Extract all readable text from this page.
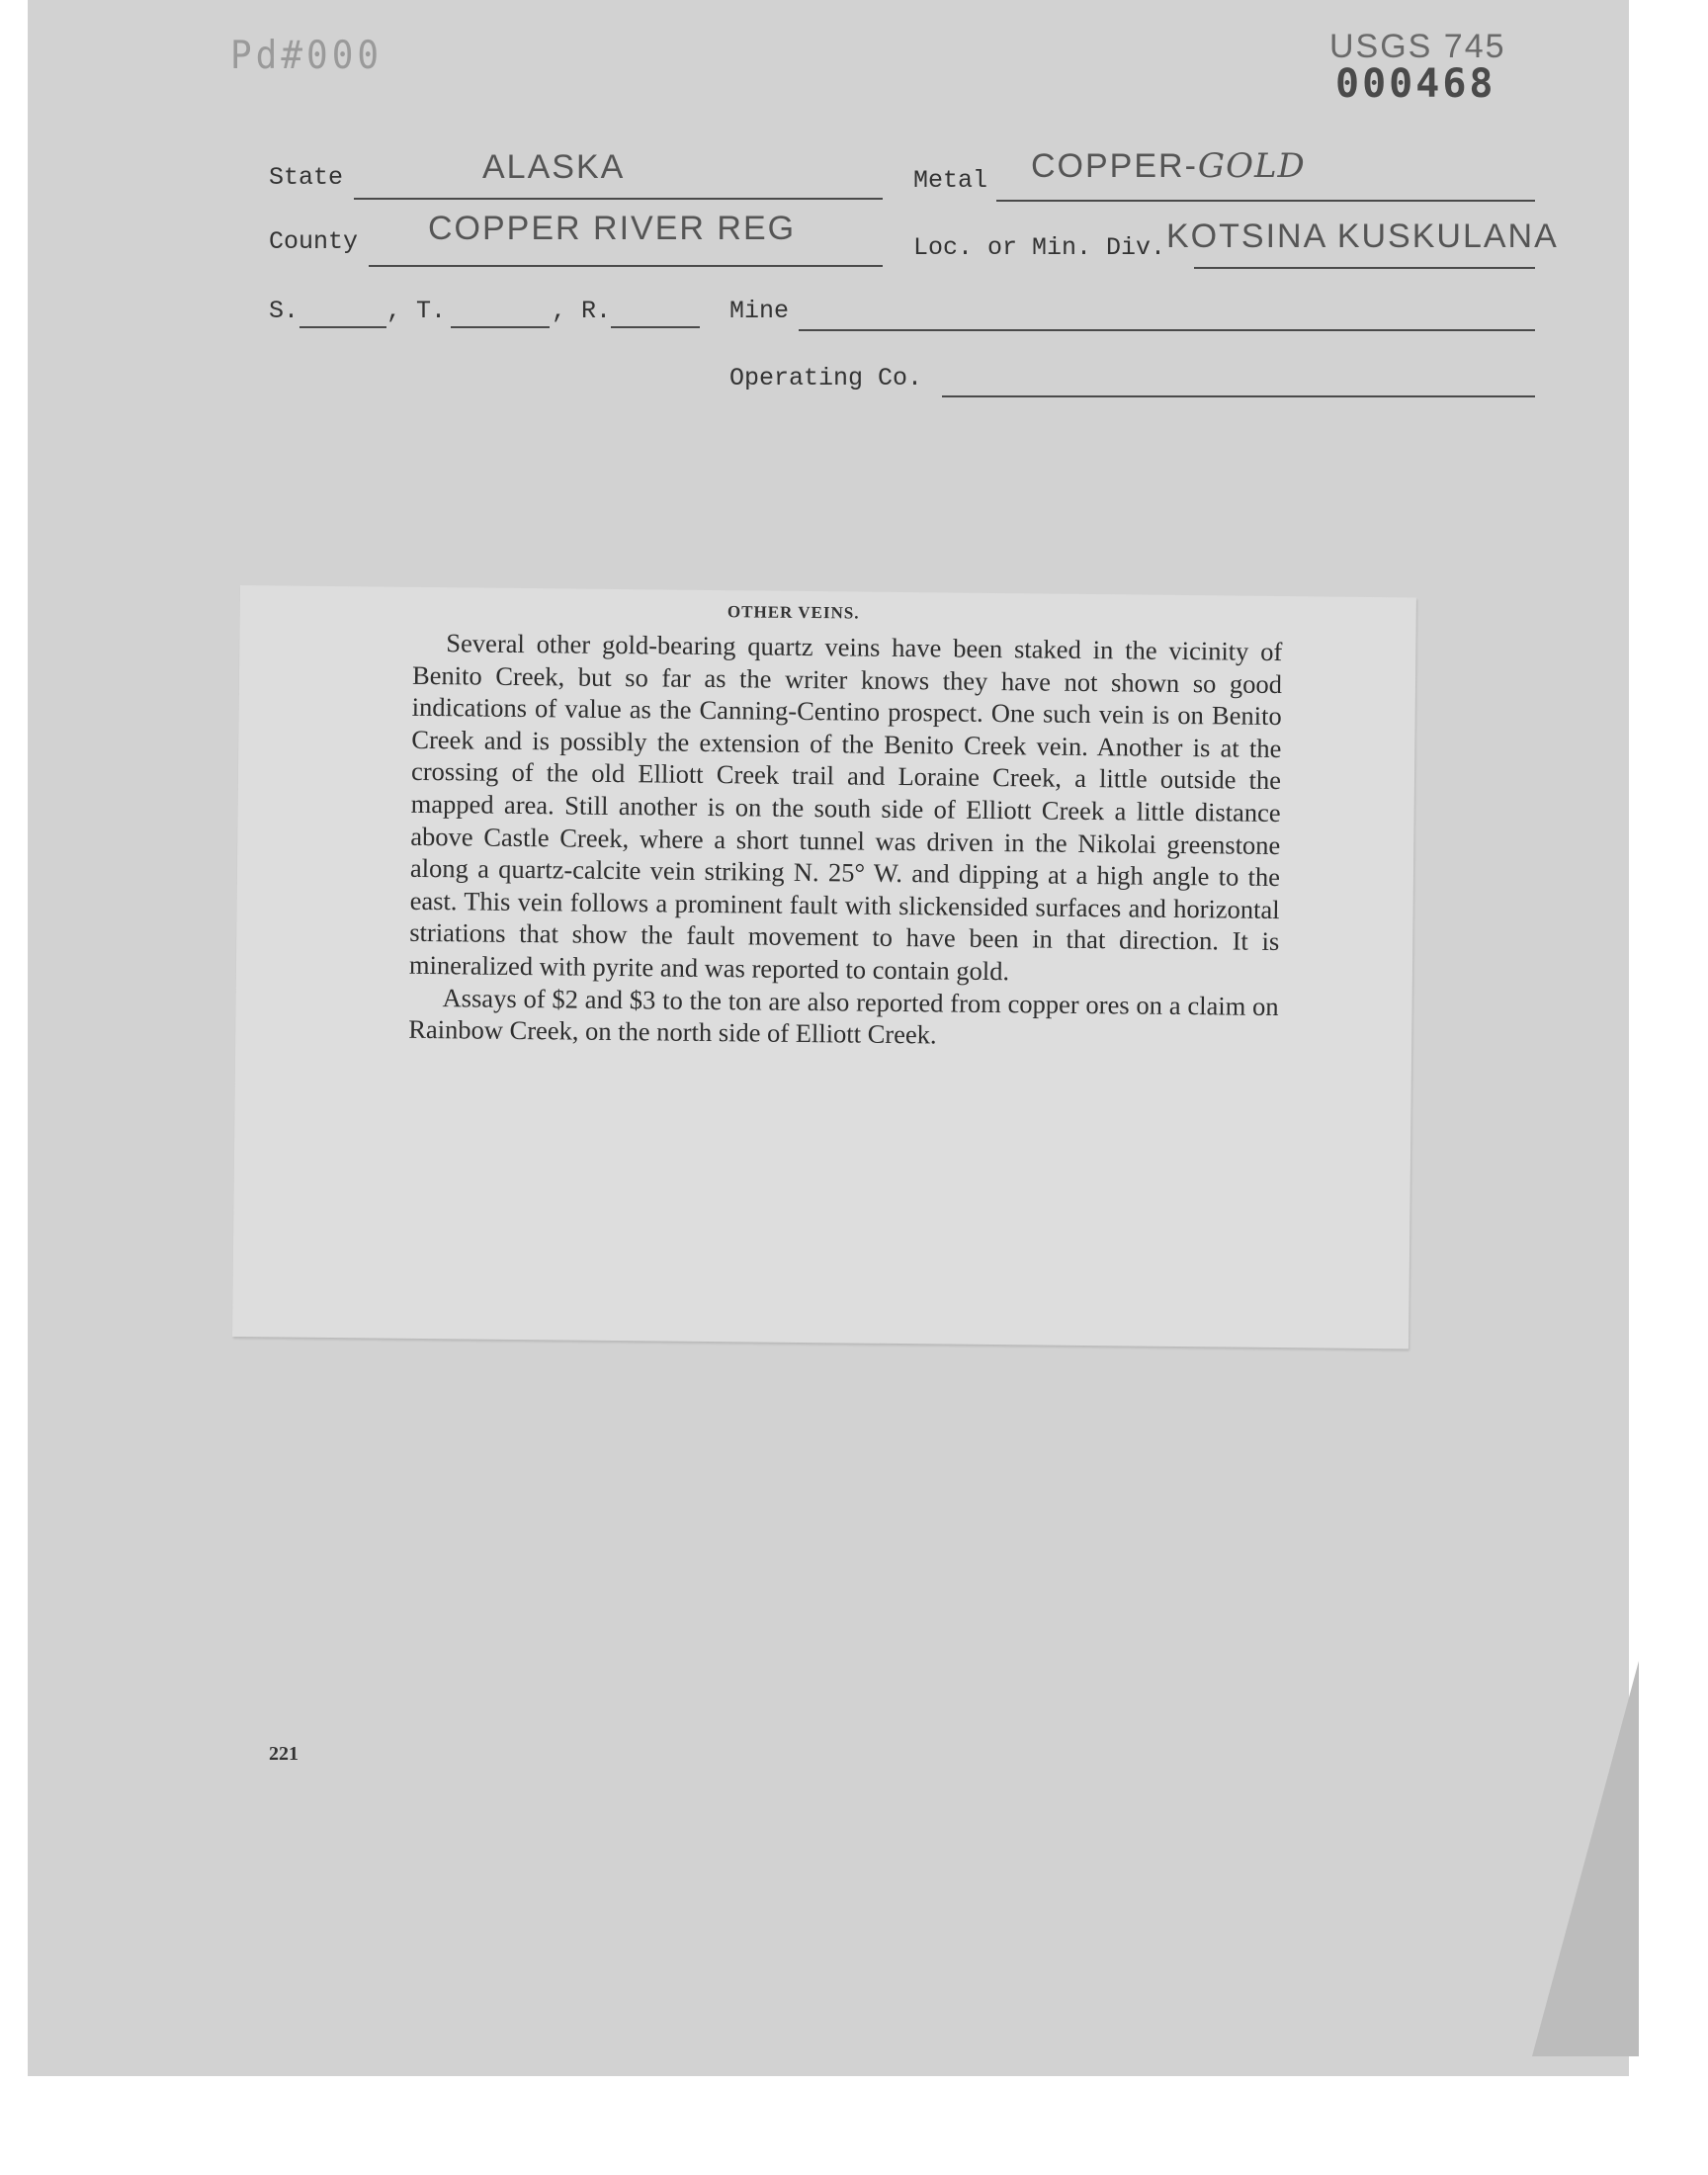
Pd#000	USGS 745
000468
State	ALASKA	Metal COPPER-GOLD
County COPPER RIVER REG
Loc. or Min. Div. KOTSINA KUSKULANA
S.	, T.	, R.	Mine
Operating Co.
OTHER VEINS.

Several other gold-bearing quartz veins have been staked in the vicinity of Benito Creek, but so far as the writer knows they have not shown so good indications of value as the Canning-Centino prospect. One such vein is on Benito Creek and is possibly the extension of the Benito Creek vein. Another is at the crossing of the old Elliott Creek trail and Loraine Creek, a little outside the mapped area. Still another is on the south side of Elliott Creek a little distance above Castle Creek, where a short tunnel was driven in the Nikolai greenstone along a quartz-calcite vein striking N. 25° W. and dipping at a high angle to the east. This vein follows a prominent fault with slickensided surfaces and horizontal striations that show the fault movement to have been in that direction. It is mineralized with pyrite and was reported to contain gold.

Assays of $2 and $3 to the ton are also reported from copper ores on a claim on Rainbow Creek, on the north side of Elliott Creek.

221
